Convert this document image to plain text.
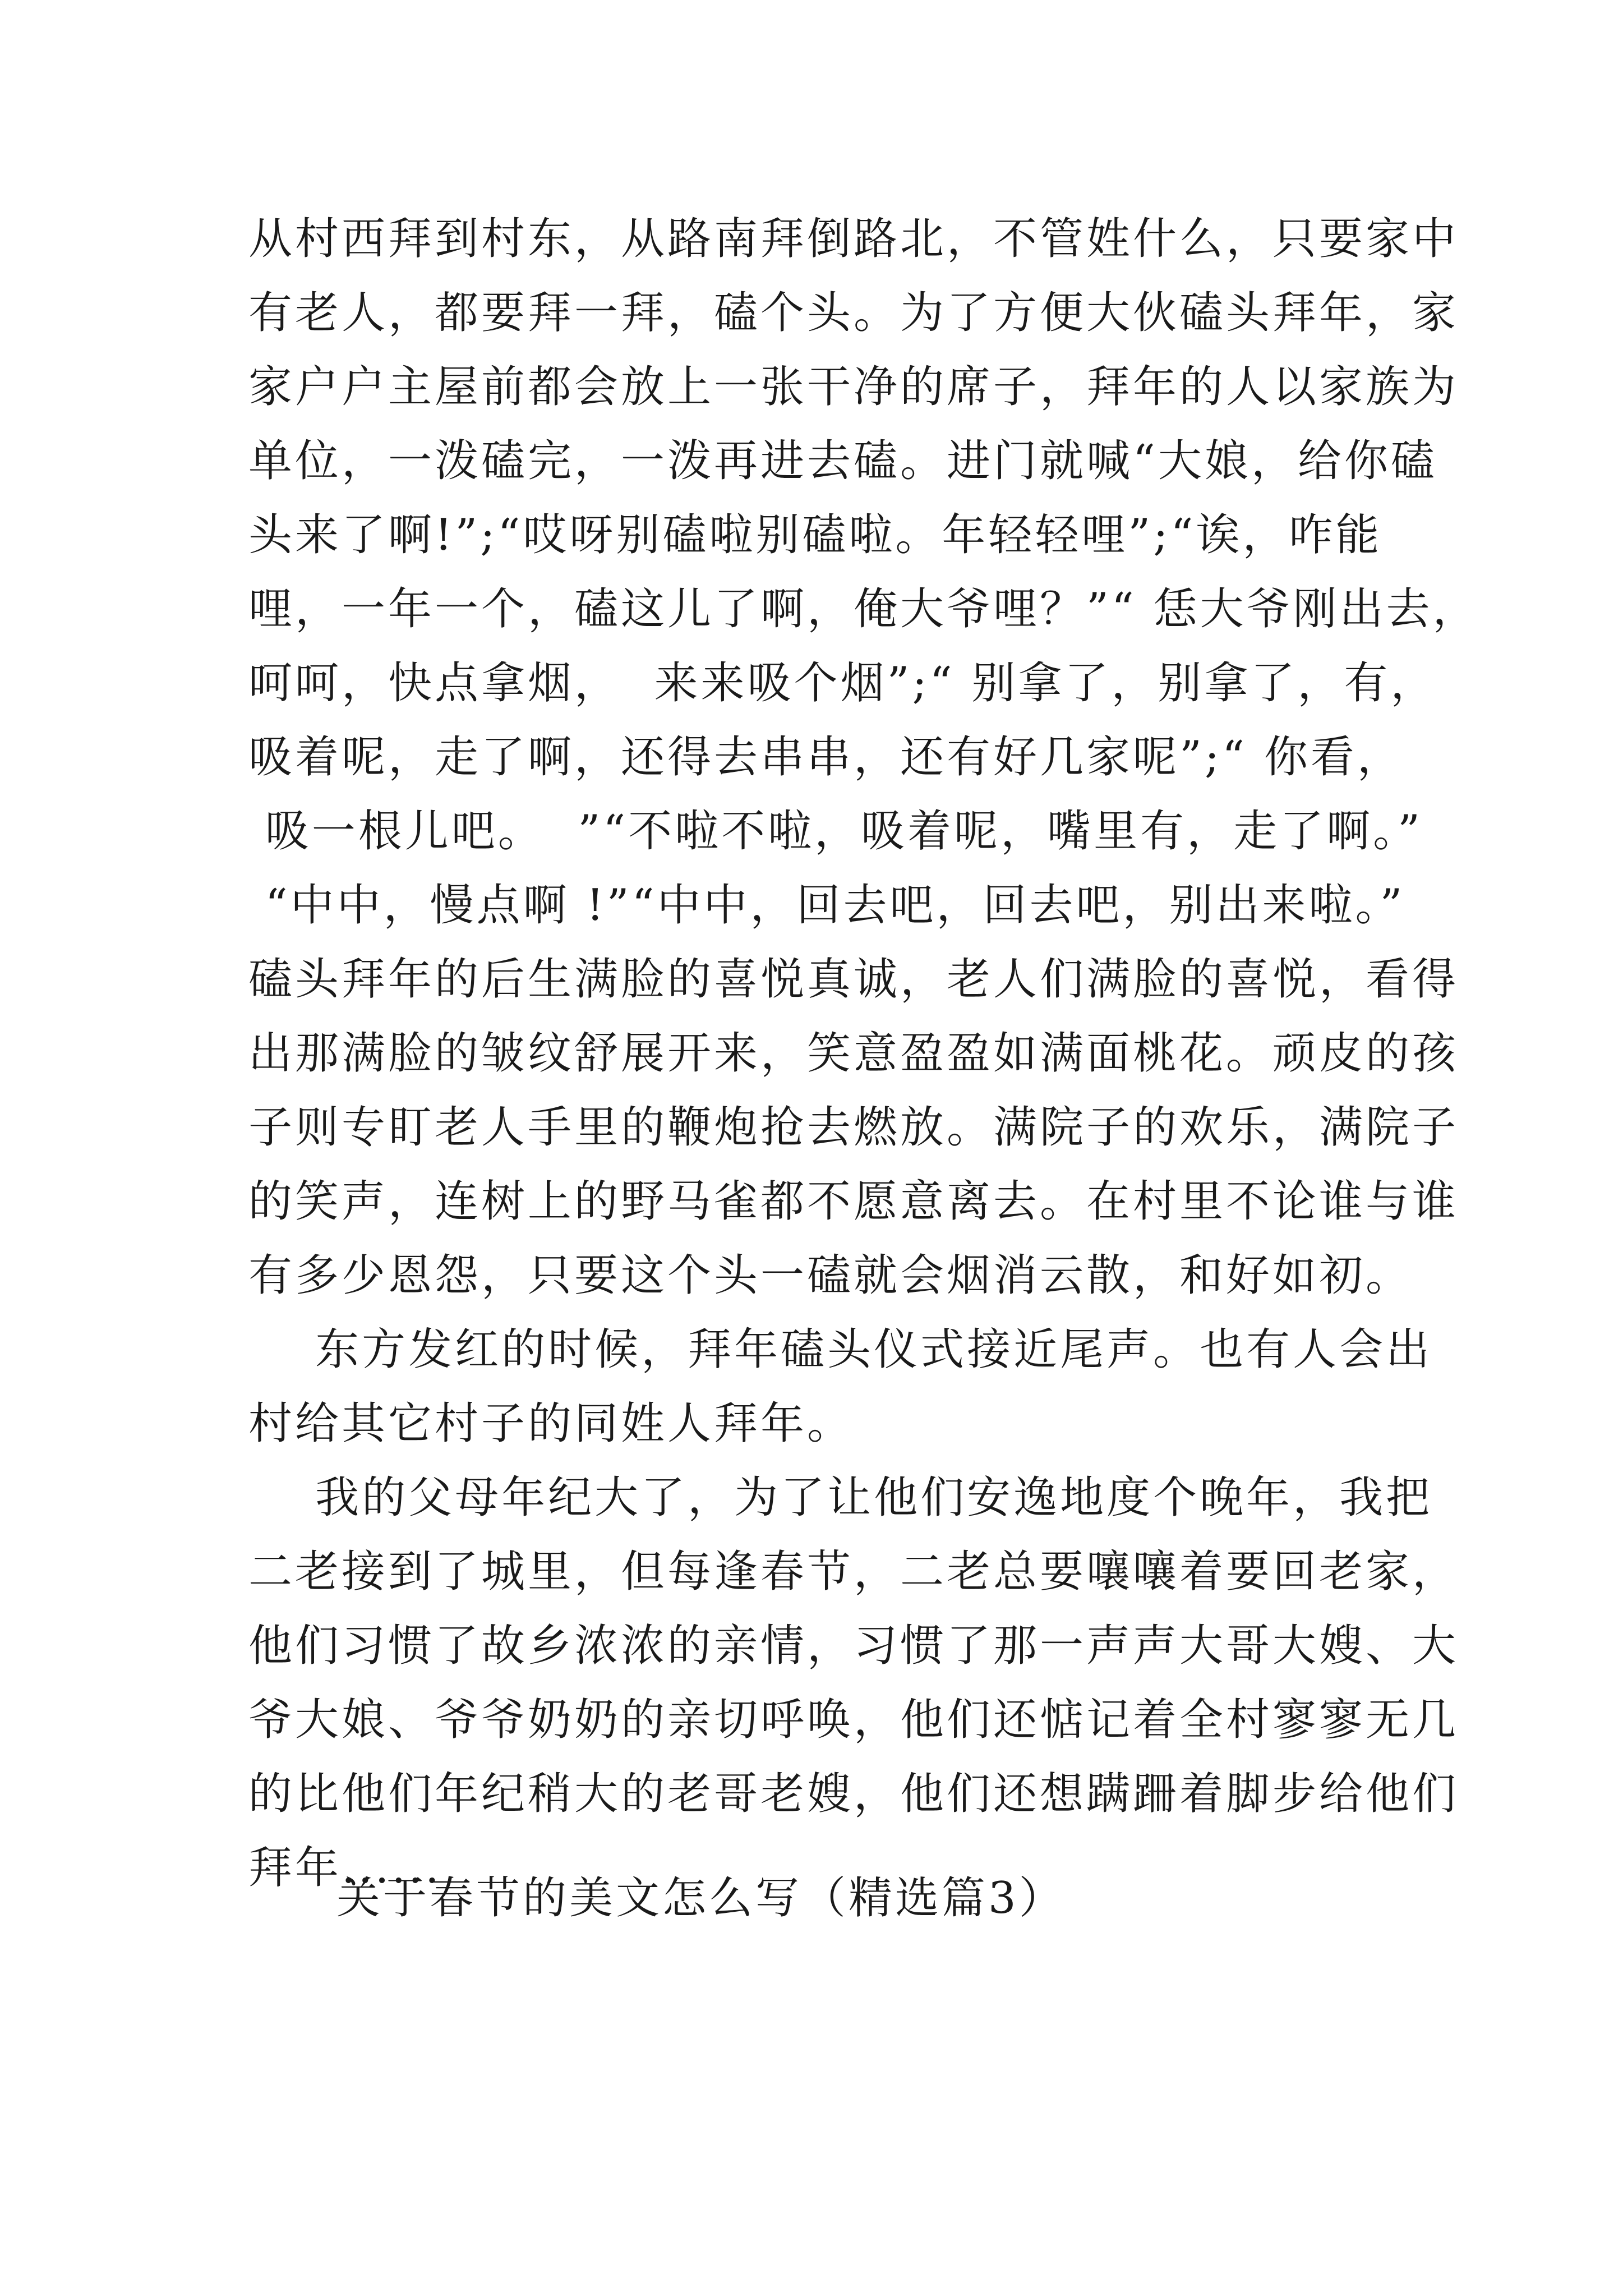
从村西拜到村东，从路南拜倒路北，不管姓什么，只要家中
有老人，都要拜一拜，磕个头。为了方便大伙磕头拜年，家
家户户主屋前都会放上一张干净的席子，拜年的人以家族为
单位，一泼磕完，一泼再进去磕。进门就喊“大娘，给你磕
头来了啊!”;“哎呀别磕啦别磕啦。年轻轻哩”;“诶，咋能
哩，一年一个，磕这儿了啊，俺大爷哩？”“ 恁大爷刚出去，
呵呵，快点拿烟，  来来吸个烟”;“ 别拿了，别拿了，有，
吸着呢，走了啊，还得去串串，还有好几家呢”;“ 你看，
吸一根儿吧。  ”“不啦不啦，吸着呢，嘴里有，走了啊。”
“中中，慢点啊 !”“中中，回去吧，回去吧，别出来啦。”
磕头拜年的后生满脸的喜悦真诚，老人们满脸的喜悦，看得
出那满脸的皱纹舒展开来，笑意盈盈如满面桃花。顽皮的孩
子则专盯老人手里的鞭炮抢去燃放。满院子的欢乐，满院子
的笑声，连树上的野马雀都不愿意离去。在村里不论谁与谁
有多少恩怨，只要这个头一磕就会烟消云散，和好如初。
东方发红的时候，拜年磕头仪式接近尾声。也有人会出
村给其它村子的同姓人拜年。
我的父母年纪大了，为了让他们安逸地度个晚年，我把
二老接到了城里，但每逢春节，二老总要嚷嚷着要回老家，
他们习惯了故乡浓浓的亲情，习惯了那一声声大哥大嫂、大
爷大娘、爷爷奶奶的亲切呼唤，他们还惦记着全村寥寥无几
的比他们年纪稍大的老哥老嫂，他们还想蹒跚着脚步给他们
拜年......
关于春节的美文怎么写（精选篇3）
